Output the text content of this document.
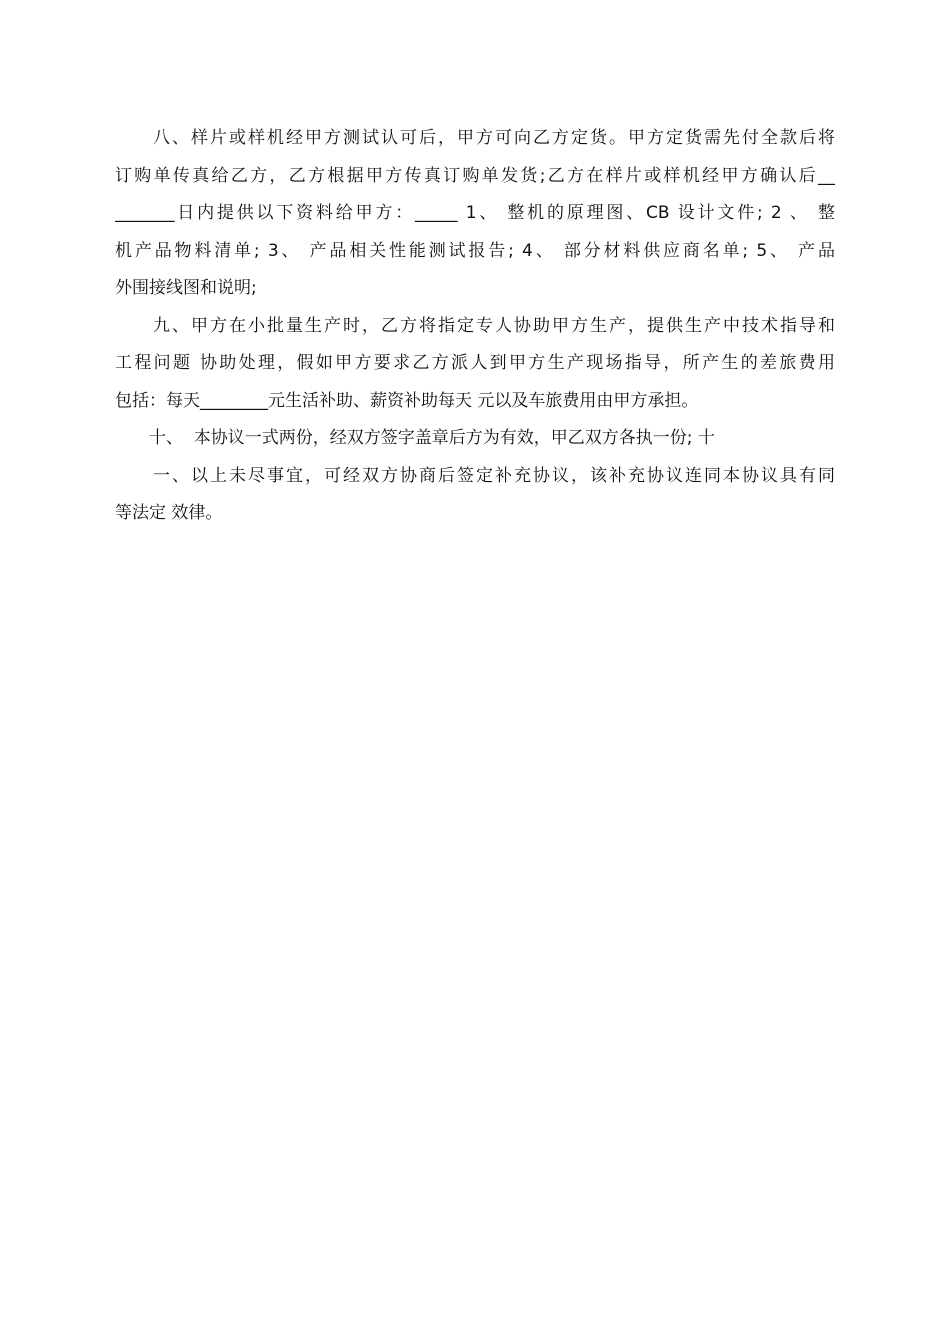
　　八、样片或样机经甲方测试认可后，甲方可向乙方定货。甲方定货需先付全款后将
订购单传真给乙方，乙方根据甲方传真订购单发货;乙方在样片或样机经甲方确认后__
_______日内提供以下资料给甲方：_____ 1、 整机的原理图、CB 设计文件; 2 、 整
机产品物料清单; 3、 产品相关性能测试报告; 4、 部分材料供应商名单; 5、 产品
外围接线图和说明;
　　九、甲方在小批量生产时，乙方将指定专人协助甲方生产，提供生产中技术指导和
工程问题 协助处理，假如甲方要求乙方派人到甲方生产现场指导，所产生的差旅费用
包括：每天________元生活补助、薪资补助每天 元以及车旅费用由甲方承担。
　　十、  本协议一式两份，经双方签字盖章后方为有效，甲乙双方各执一份; 十
　　一、以上未尽事宜，可经双方协商后签定补充协议，该补充协议连同本协议具有同
等法定 效律。
